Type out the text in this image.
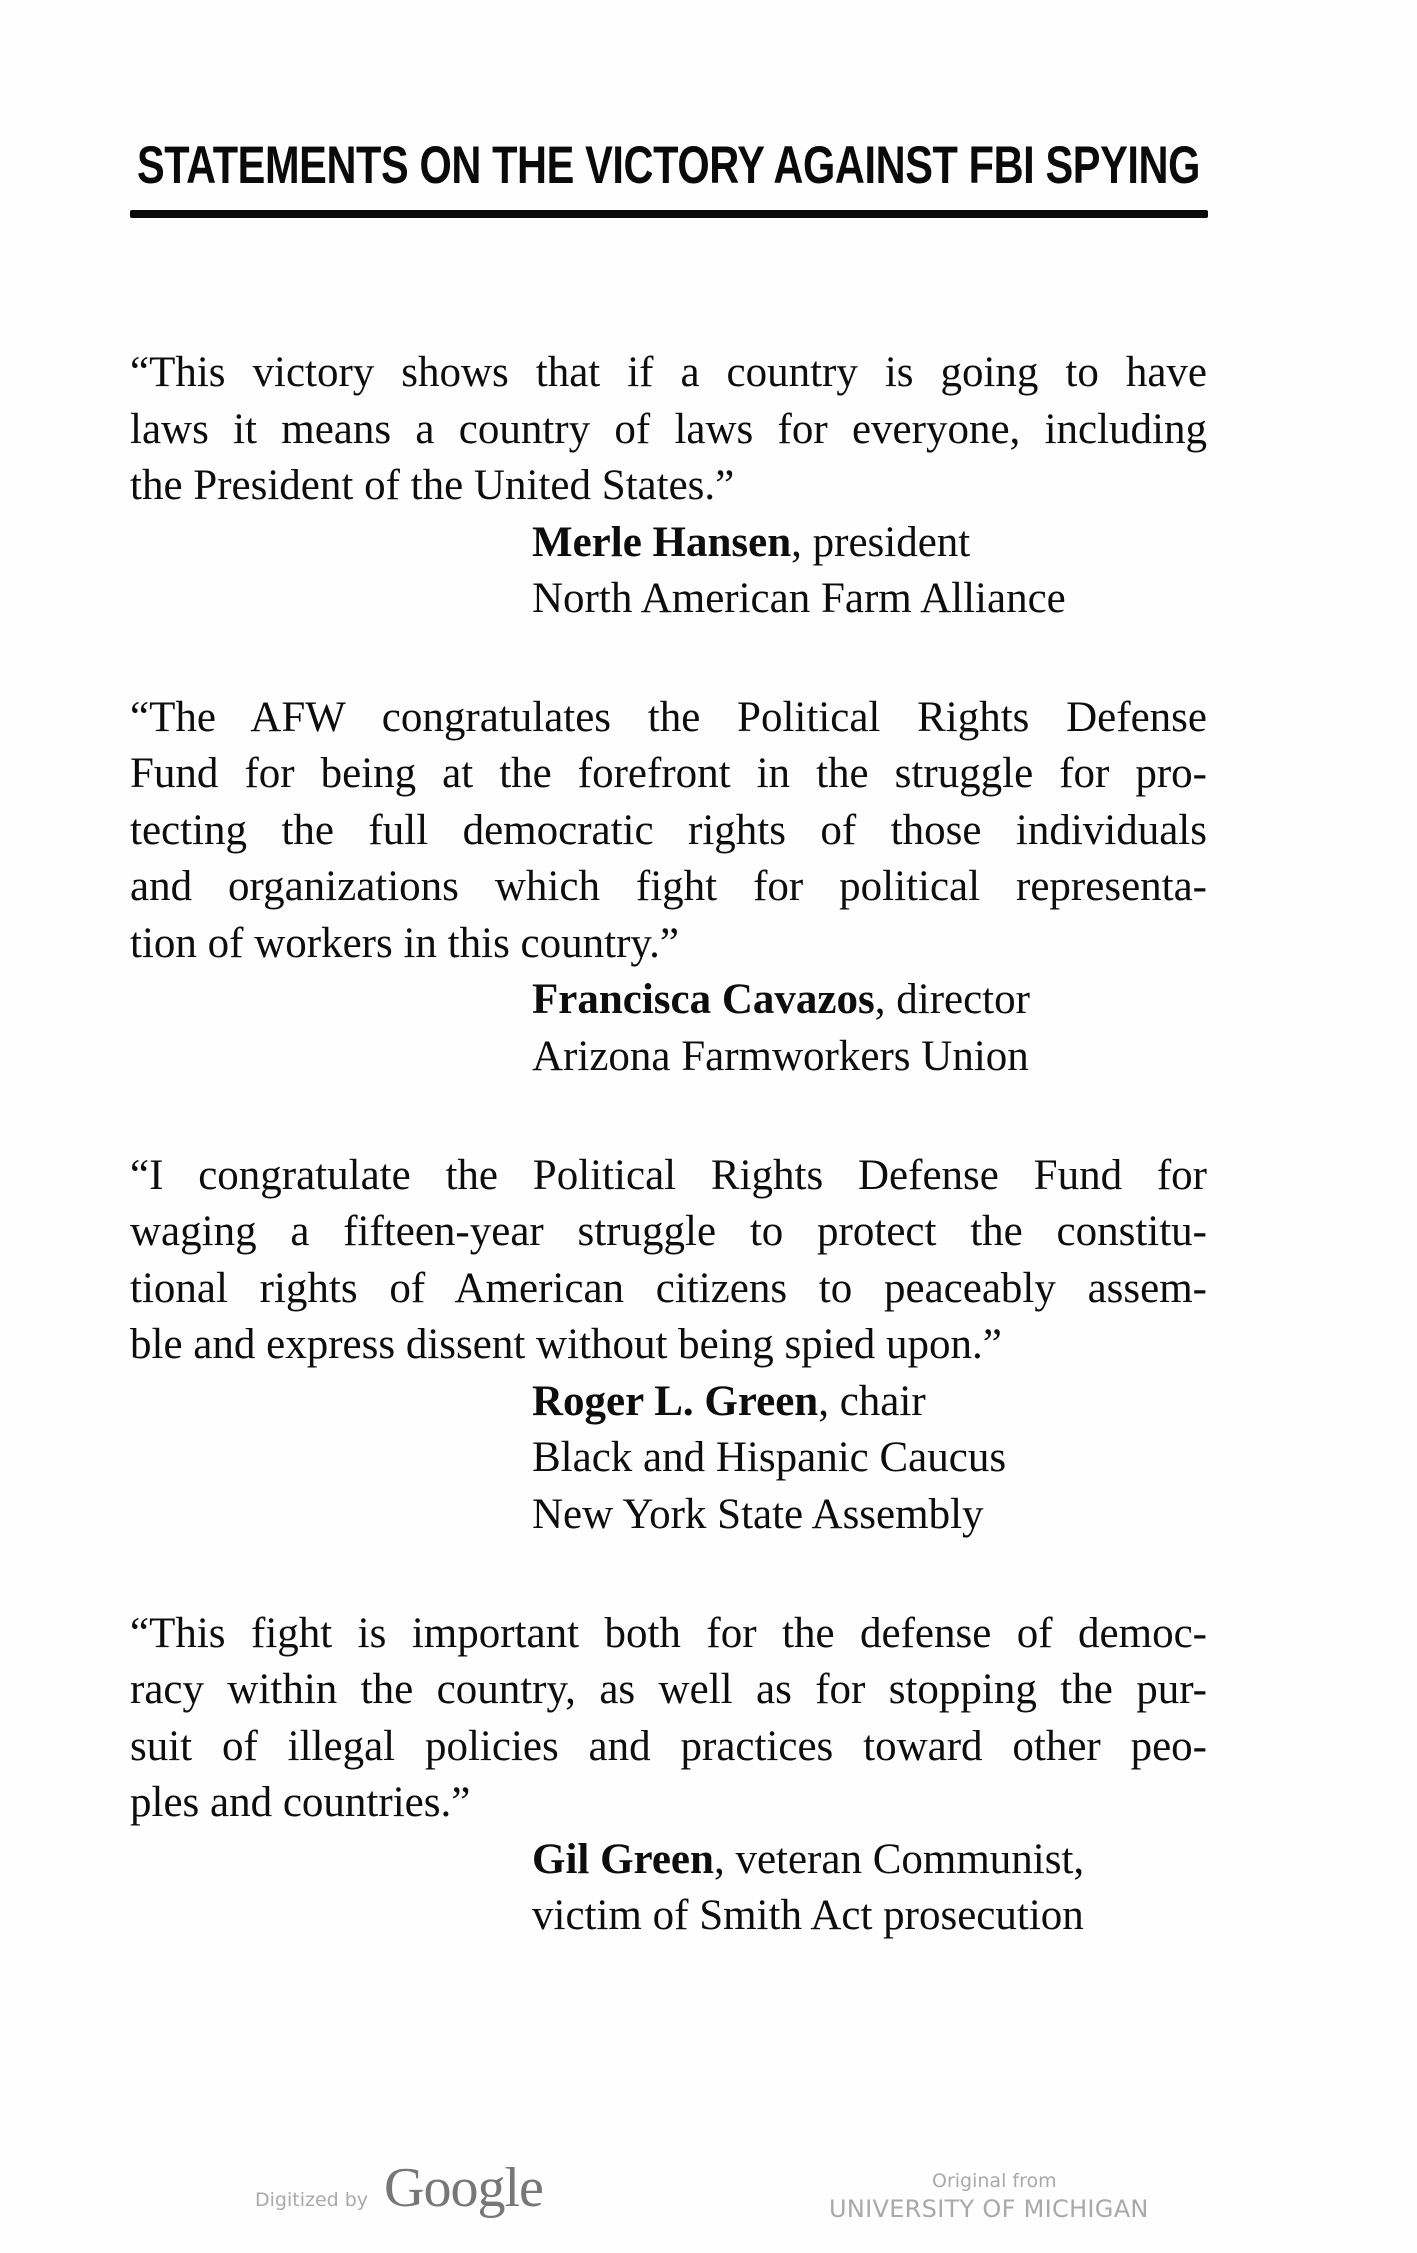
STATEMENTS ON THE VICTORY AGAINST FBI SPYING
“This victory shows that if a country is going to have
laws it means a country of laws for everyone, including
the President of the United States.”
Merle Hansen, president
North American Farm Alliance
“The AFW congratulates the Political Rights Defense
Fund for being at the forefront in the struggle for pro-
tecting the full democratic rights of those individuals
and organizations which fight for political representa-
tion of workers in this country.”
Francisca Cavazos, director
Arizona Farmworkers Union
“I congratulate the Political Rights Defense Fund for
waging a fifteen-year struggle to protect the constitu-
tional rights of American citizens to peaceably assem-
ble and express dissent without being spied upon.”
Roger L. Green, chair
Black and Hispanic Caucus
New York State Assembly
“This fight is important both for the defense of democ-
racy within the country, as well as for stopping the pur-
suit of illegal policies and practices toward other peo-
ples and countries.”
Gil Green, veteran Communist,
victim of Smith Act prosecution
Digitized by Google	Original from
UNIVERSITY OF MICHIGAN
